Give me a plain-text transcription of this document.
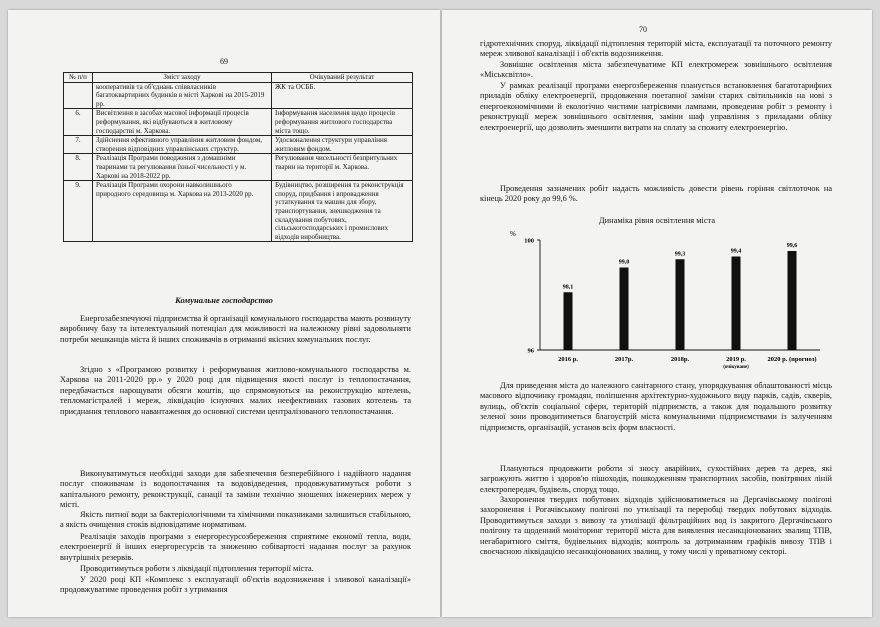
69
№ п/п	Зміст заходу	Очікуваний результат
	кооперативів та об'єднань співвласників багатоквартирних будинків в місті Харкові на 2015-2019 рр.	ЖК та ОСББ.
6.	Висвітлення в засобах масової інформації процесів реформування, які відбуваються в житловому господарстві м. Харкова.	Інформування населення щодо процесів реформування житлового господарства міста тощо.
7.	Здійснення ефективного управління житловим фондом, створення відповідних управлінських структур.	Удосконалення структури управління житловим фондом.
8.	Реалізація Програми поводження з домашніми тваринами та регулювання їхньої чисельності у м. Харкові на 2018-2022 рр.	Регулювання чисельності безпритульних тварин на території м. Харкова.
9.	Реалізація Програми охорони навколишнього природного середовища м. Харкова на 2013-2020 рр.	Будівництво, розширення та реконструкція споруд, придбання і впровадження устаткування та машин для збору, транспортування, знешкодження та складування побутових, сільськогосподарських і промислових відходів виробництва.
Комунальне господарство

Енергозабезпечуючі підприємства й організації комунального господарства мають розвинуту виробничу базу та інтелектуальний потенціал для можливості на належному рівні задовольняти потреби мешканців міста й інших споживачів в отриманні якісних комунальних послуг.

Згідно з «Програмою розвитку і реформування житлово-комунального господарства м. Харкова на 2011-2020 рр.» у 2020 році для підвищення якості послуг із теплопостачання, передбачається нарощувати обсяги коштів, що спрямовуються на реконструкцію котелень, тепломагістралей і мереж, ліквідацію існуючих малих неефективних газових котелень та приєднання теплового навантаження до основної системи централізованого теплопостачання.

Виконуватимуться необхідні заходи для забезпечення безперебійного і надійного надання послуг споживачам із водопостачання та водовідведення, продовжуватимуться роботи з капітального ремонту, реконструкції, санації та заміни технічно зношених інженерних мереж у місті.

Якість питної води за бактеріологічними та хімічними показниками залишиться стабільною, а якість очищення стоків відповідатиме нормативам.

Реалізація заходів програми з енергоресурсозбереження сприятиме економії тепла, води, електроенергії й інших енергоресурсів та зниженню собівартості надання послуг за рахунок внутрішніх резервів.

Проводитимуться роботи з ліквідації підтоплення території міста.

У 2020 році КП «Комплекс з експлуатації об'єктів водозниження і зливової каналізації» продовжуватиме проведення робіт з утримання

70

гідротехнічних споруд, ліквідації підтоплення територій міста, експлуатації та поточного ремонту мереж зливової каналізації і об'єктів водозниження.

Зовнішнє освітлення міста забезпечуватиме КП електромереж зовнішнього освітлення «Міськсвітло».

У рамках реалізації програми енергозбереження планується встановлення багатотарифних приладів обліку електроенергії, продовження поетапної заміни старих світильників на нові з енергоекономічними й екологічно чистими натрієвими лампами, проведення робіт з ремонту і реконструкції мереж зовнішнього освітлення, заміни шаф управління з приладами обліку електроенергії, що дозволить зменшити витрати на сплату за спожиту електроенергію.

Проведення зазначених робіт надасть можливість довести рівень горіння світлоточок на кінець 2020 року до 99,6 %.

Динаміка рівня освітлення міста
%
96
100
98,1
99,0
99,3	99,4
99,6
2016 р.	2017р.	2018р.	2019 р.
(очікуване)
2020 р. (прогноз)

Для приведення міста до належного санітарного стану, упорядкування облаштованості місць масового відпочинку громадян, поліпшення архітектурно-художнього виду парків, садів, скверів, вулиць, об'єктів соціальної сфери, територій підприємств, а також для подальшого розвитку зеленої зони проводитиметься благоустрій міста комунальними підприємствами із залученням підприємств, організацій, установ всіх форм власності.

Плануються продовжити роботи зі зносу аварійних, сухостійних дерев та дерев, які загрожують життю і здоров'ю пішоходів, пошкодженням транспортних засобів, повітряних ліній електропередач, будівель, споруд тощо.

Захоронення твердих побутових відходів здійснюватиметься на Дергачівському полігоні захоронення і Рогачівському полігоні по утилізації та переробці твердих побутових відходів. Проводитимуться заходи з вивозу та утилізації фільтраційних вод із закритого Дергачівського полігону та щоденний моніторинг території міста для виявлення несанкціонованих звалищ ТПВ, негабаритного сміття, будівельних відходів; контроль за дотриманням графіків вивозу ТПВ і своєчасною ліквідацією несанкціонованих звалищ, у тому числі у приватному секторі.
